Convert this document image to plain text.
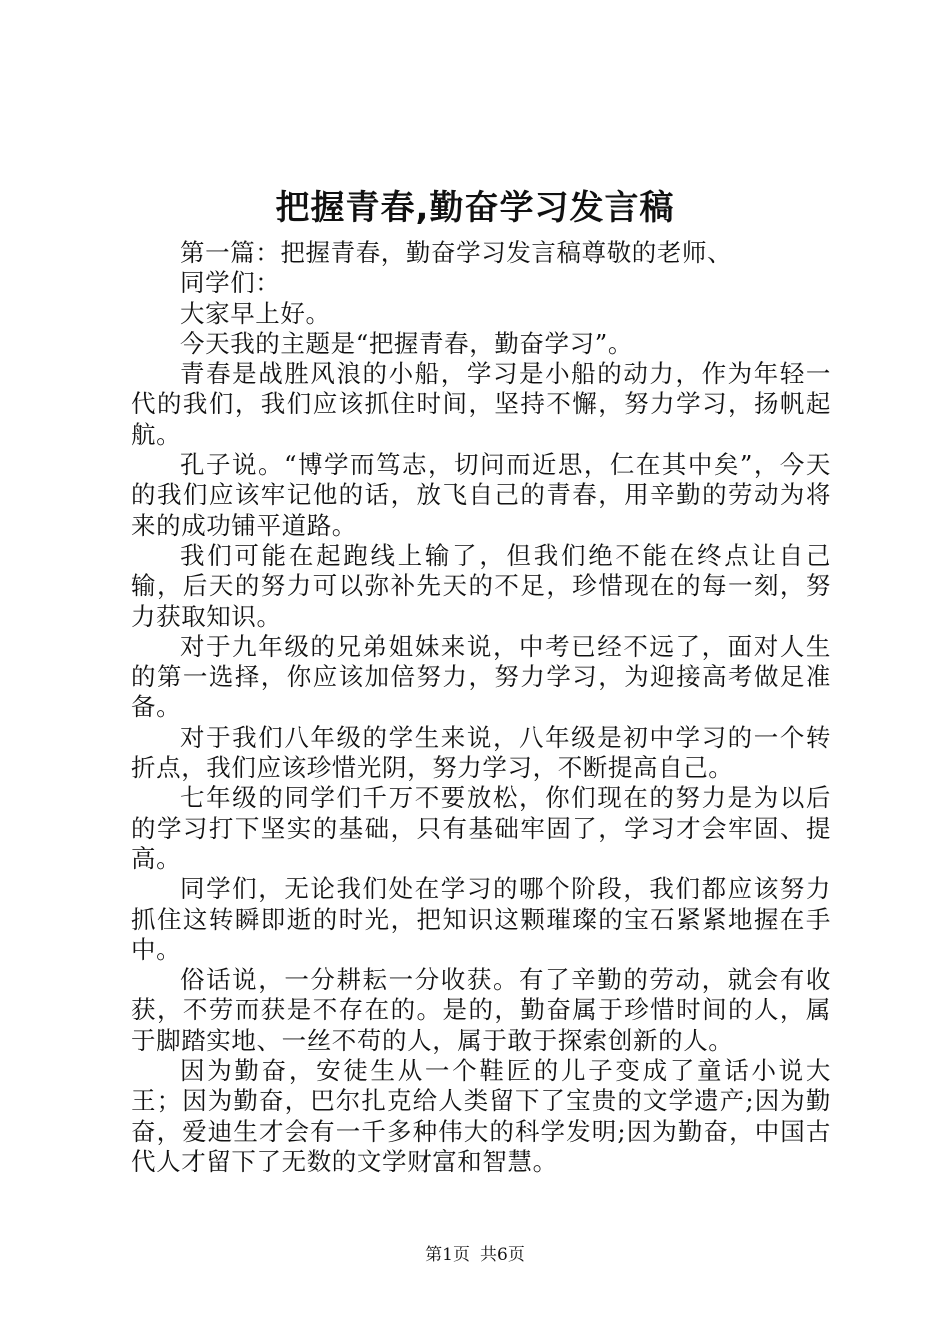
把握青春,勤奋学习发言稿

第一篇：把握青春，勤奋学习发言稿尊敬的老师、

同学们：

大家早上好。

今天我的主题是“把握青春，勤奋学习”。

青春是战胜风浪的小船，学习是小船的动力，作为年轻一代的我们，我们应该抓住时间，坚持不懈，努力学习，扬帆起航。

孔子说。“博学而笃志，切问而近思，仁在其中矣”，今天的我们应该牢记他的话，放飞自己的青春，用辛勤的劳动为将来的成功铺平道路。

我们可能在起跑线上输了，但我们绝不能在终点让自己输，后天的努力可以弥补先天的不足，珍惜现在的每一刻，努力获取知识。

对于九年级的兄弟姐妹来说，中考已经不远了，面对人生的第一选择，你应该加倍努力，努力学习，为迎接高考做足准备。

对于我们八年级的学生来说，八年级是初中学习的一个转折点，我们应该珍惜光阴，努力学习，不断提高自己。

七年级的同学们千万不要放松，你们现在的努力是为以后的学习打下坚实的基础，只有基础牢固了，学习才会牢固、提高。

同学们，无论我们处在学习的哪个阶段，我们都应该努力抓住这转瞬即逝的时光，把知识这颗璀璨的宝石紧紧地握在手中。

俗话说，一分耕耘一分收获。有了辛勤的劳动，就会有收获，不劳而获是不存在的。是的，勤奋属于珍惜时间的人，属于脚踏实地、一丝不苟的人，属于敢于探索创新的人。

因为勤奋，安徒生从一个鞋匠的儿子变成了童话小说大王；因为勤奋，巴尔扎克给人类留下了宝贵的文学遗产;因为勤奋，爱迪生才会有一千多种伟大的科学发明;因为勤奋，中国古代人才留下了无数的文学财富和智慧。

第1页 共6页
